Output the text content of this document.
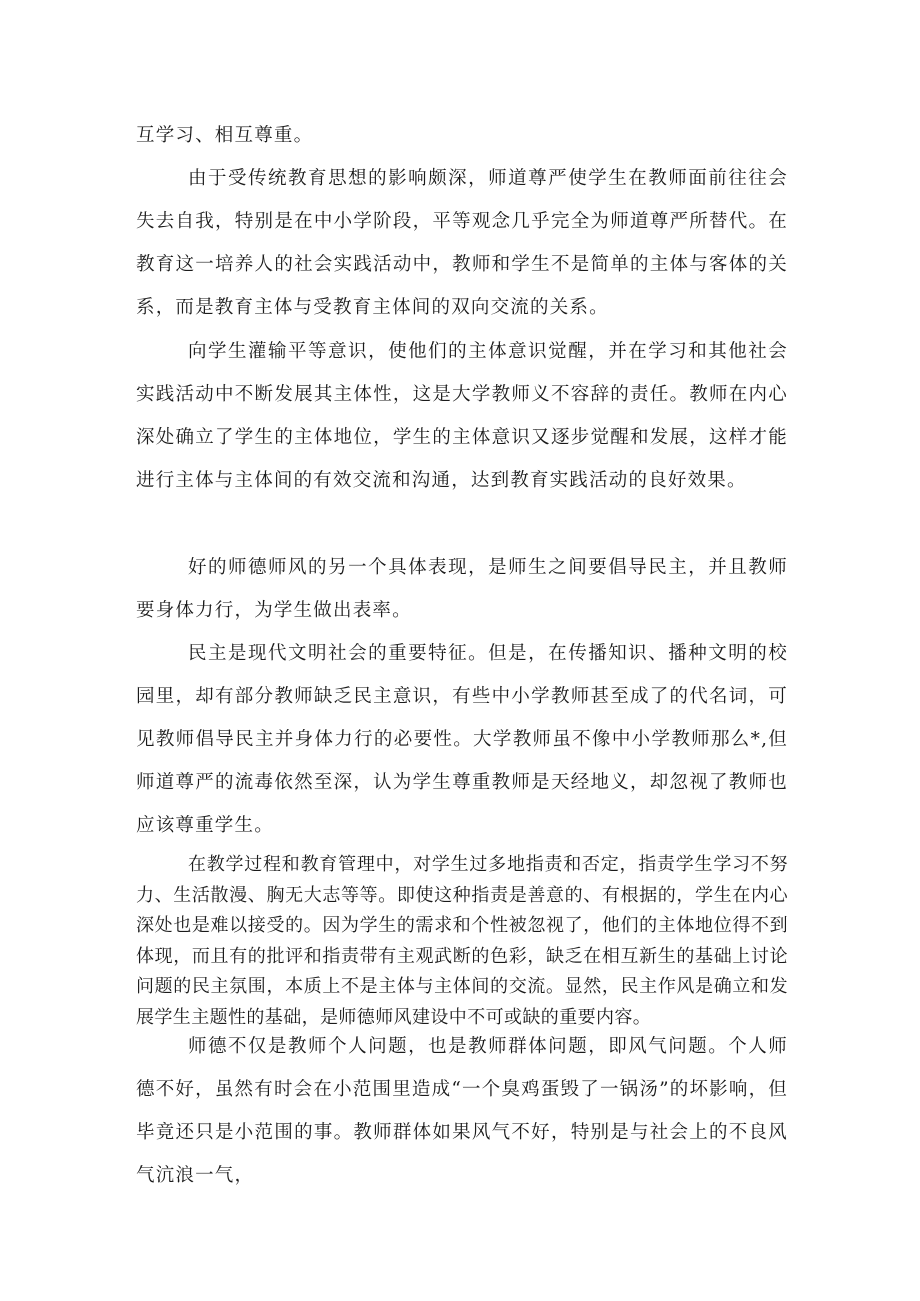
互学习、相互尊重。

由于受传统教育思想的影响颇深，师道尊严使学生在教师面前往往会失去自我，特别是在中小学阶段，平等观念几乎完全为师道尊严所替代。在教育这一培养人的社会实践活动中，教师和学生不是简单的主体与客体的关系，而是教育主体与受教育主体间的双向交流的关系。

向学生灌输平等意识，使他们的主体意识觉醒，并在学习和其他社会实践活动中不断发展其主体性，这是大学教师义不容辞的责任。教师在内心深处确立了学生的主体地位，学生的主体意识又逐步觉醒和发展，这样才能进行主体与主体间的有效交流和沟通，达到教育实践活动的良好效果。

好的师德师风的另一个具体表现，是师生之间要倡导民主，并且教师要身体力行，为学生做出表率。

民主是现代文明社会的重要特征。但是，在传播知识、播种文明的校园里，却有部分教师缺乏民主意识，有些中小学教师甚至成了的代名词，可见教师倡导民主并身体力行的必要性。大学教师虽不像中小学教师那么*,但师道尊严的流毒依然至深，认为学生尊重教师是天经地义，却忽视了教师也应该尊重学生。

在教学过程和教育管理中，对学生过多地指责和否定，指责学生学习不努力、生活散漫、胸无大志等等。即使这种指责是善意的、有根据的，学生在内心深处也是难以接受的。因为学生的需求和个性被忽视了，他们的主体地位得不到体现，而且有的批评和指责带有主观武断的色彩，缺乏在相互新生的基础上讨论问题的民主氛围，本质上不是主体与主体间的交流。显然，民主作风是确立和发展学生主题性的基础，是师德师风建设中不可或缺的重要内容。

师德不仅是教师个人问题，也是教师群体问题，即风气问题。个人师德不好，虽然有时会在小范围里造成“一个臭鸡蛋毁了一锅汤”的坏影响，但毕竟还只是小范围的事。教师群体如果风气不好，特别是与社会上的不良风气沆浪一气，
